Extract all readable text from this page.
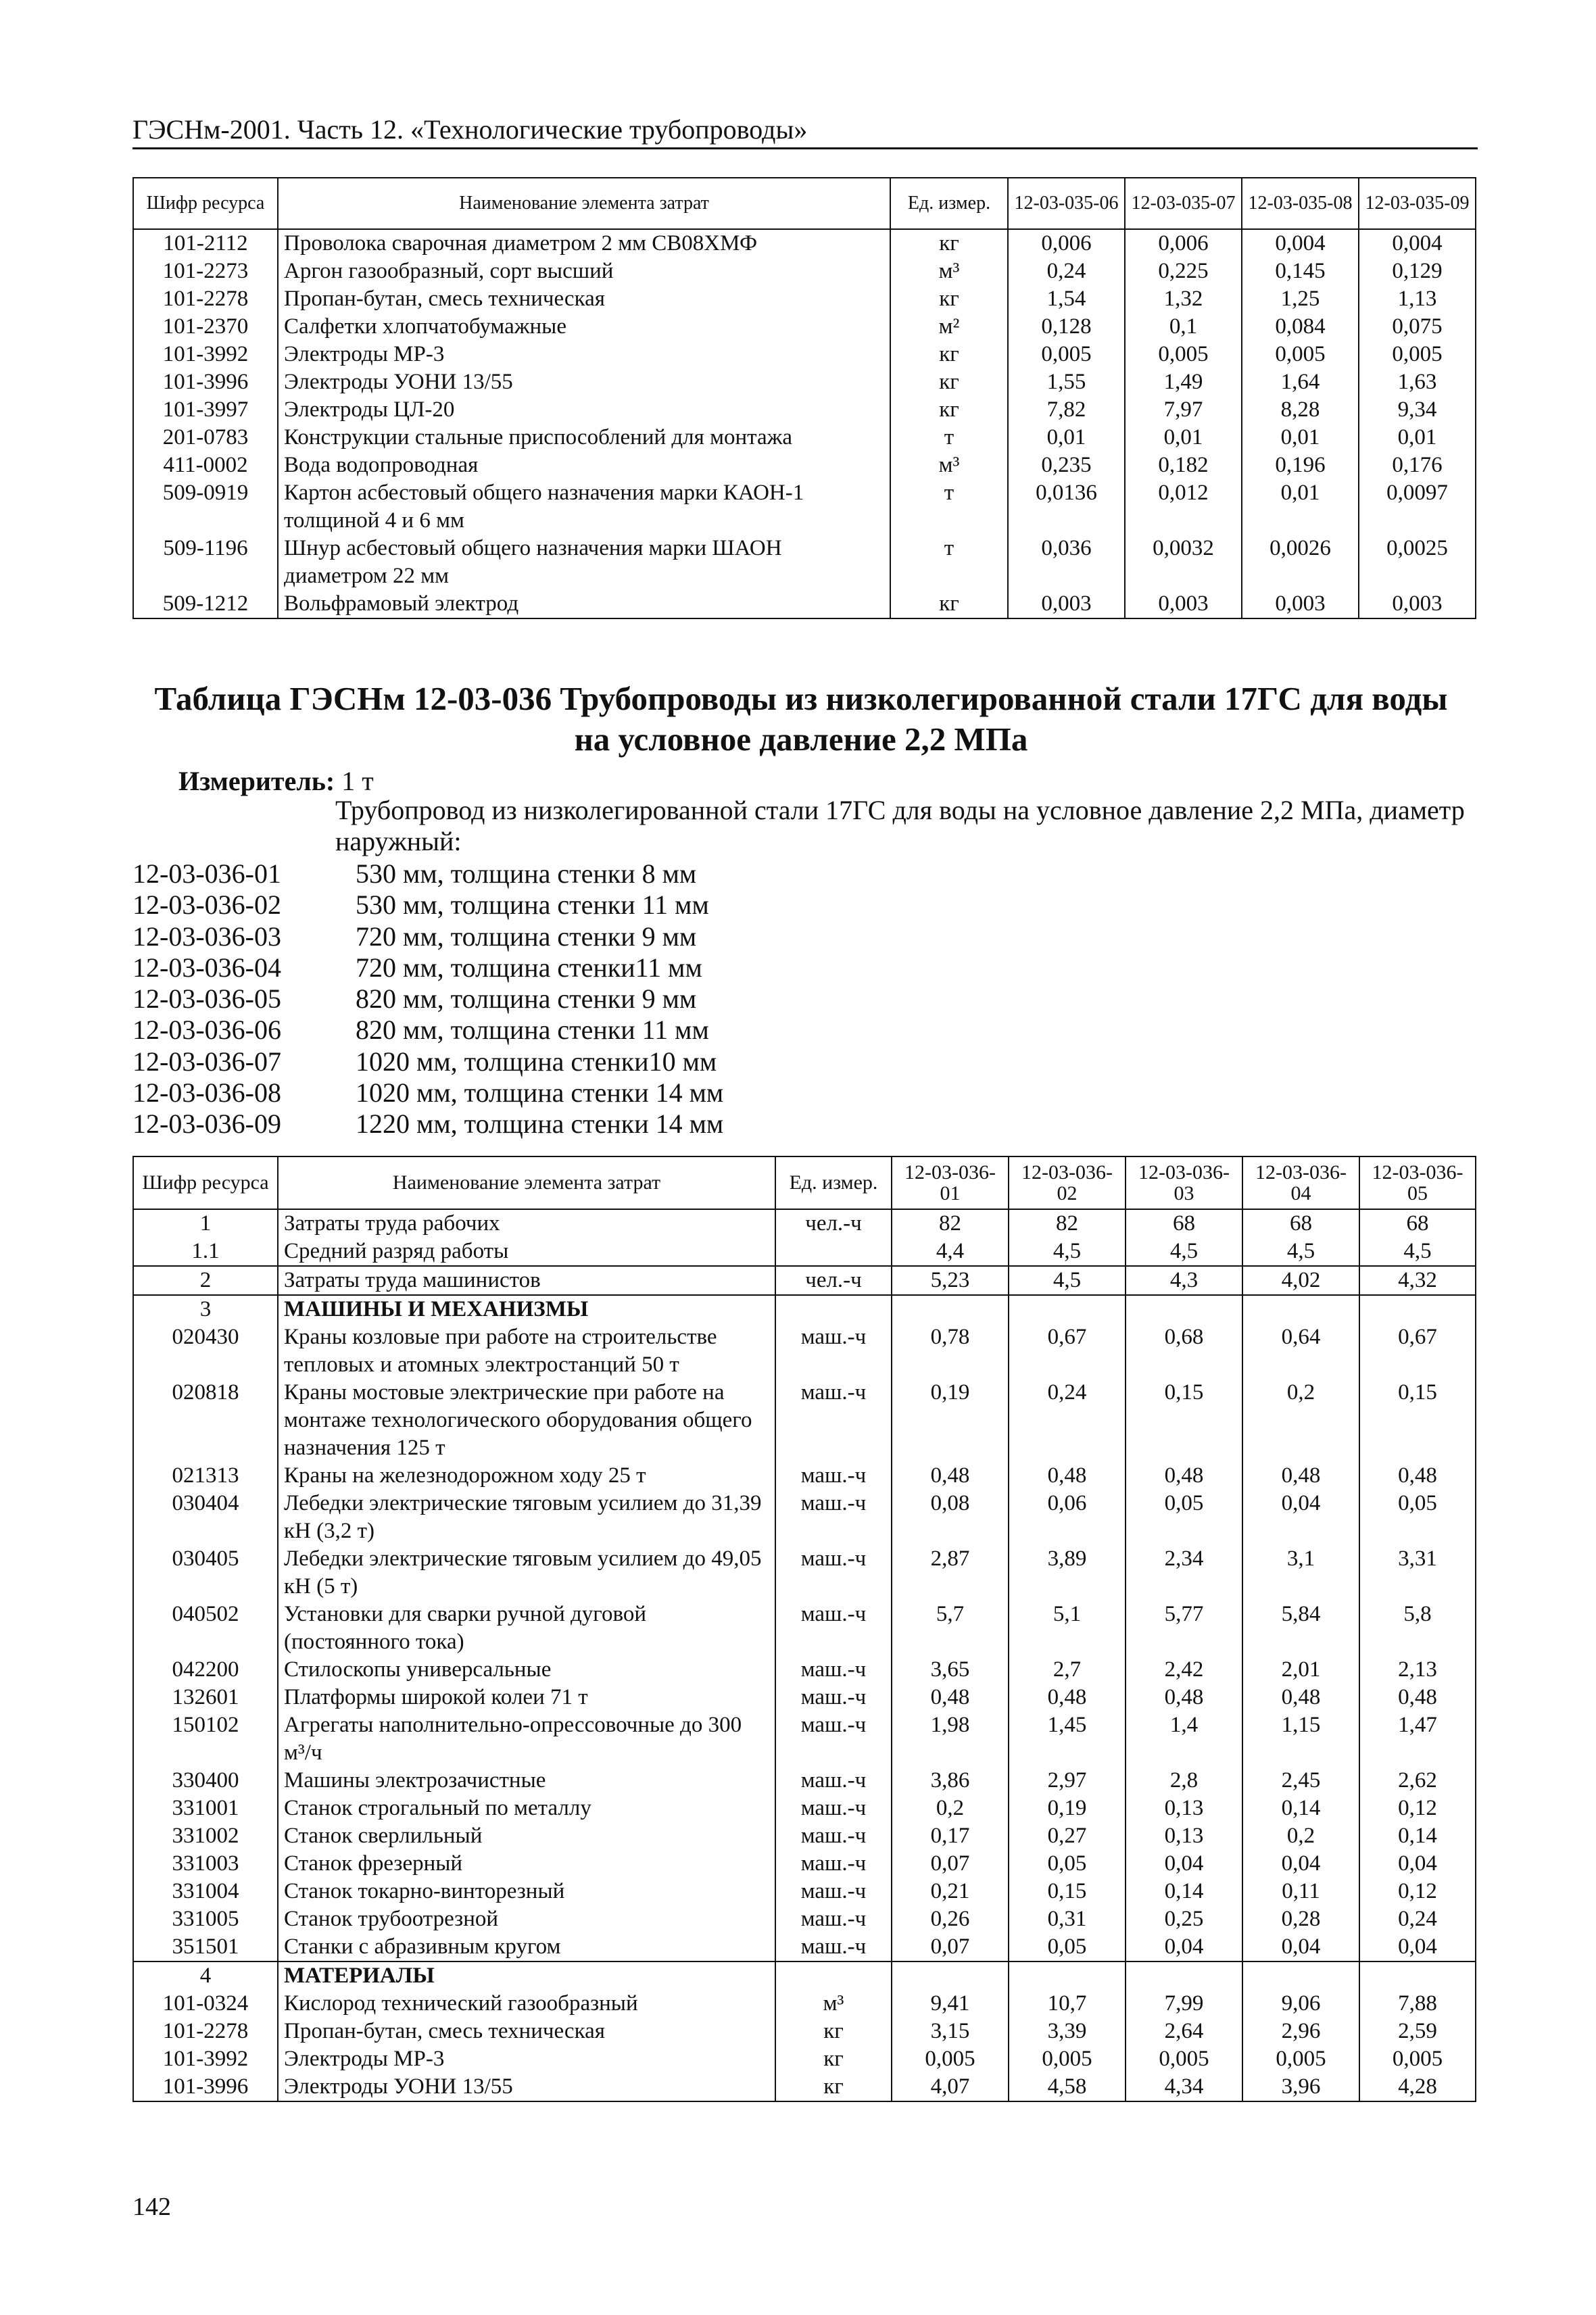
ГЭСНм-2001. Часть 12. «Технологические трубопроводы»
Шифр ресурса	Наименование элемента затрат	Ед. измер.	12-03-035-06	12-03-035-07	12-03-035-08	12-03-035-09
101-2112	Проволока сварочная диаметром 2 мм СВ08ХМФ	кг	0,006	0,006	0,004	0,004
101-2273	Аргон газообразный, сорт высший	м³	0,24	0,225	0,145	0,129
101-2278	Пропан-бутан, смесь техническая	кг	1,54	1,32	1,25	1,13
101-2370	Салфетки хлопчатобумажные	м²	0,128	0,1	0,084	0,075
101-3992	Электроды МР-3	кг	0,005	0,005	0,005	0,005
101-3996	Электроды УОНИ 13/55	кг	1,55	1,49	1,64	1,63
101-3997	Электроды ЦЛ-20	кг	7,82	7,97	8,28	9,34
201-0783	Конструкции стальные приспособлений для монтажа	т	0,01	0,01	0,01	0,01
411-0002	Вода водопроводная	м³	0,235	0,182	0,196	0,176
509-0919	Картон асбестовый общего назначения марки КАОН-1 толщиной 4 и 6 мм	т	0,0136	0,012	0,01	0,0097
509-1196	Шнур асбестовый общего назначения марки ШАОН диаметром 22 мм	т	0,036	0,0032	0,0026	0,0025
509-1212	Вольфрамовый электрод	кг	0,003	0,003	0,003	0,003
Таблица ГЭСНм 12-03-036 Трубопроводы из низколегированной стали 17ГС для воды
на условное давление 2,2 МПа
Измеритель: 1 т
Трубопровод из низколегированной стали 17ГС для воды на условное давление 2,2 МПа, диаметр наружный:
12-03-036-01	530 мм, толщина стенки 8 мм
12-03-036-02	530 мм, толщина стенки 11 мм
12-03-036-03	720 мм, толщина стенки 9 мм
12-03-036-04	720 мм, толщина стенки11 мм
12-03-036-05	820 мм, толщина стенки 9 мм
12-03-036-06	820 мм, толщина стенки 11 мм
12-03-036-07	1020 мм, толщина стенки10 мм
12-03-036-08	1020 мм, толщина стенки 14 мм
12-03-036-09	1220 мм, толщина стенки 14 мм
Шифр ресурса	Наименование элемента затрат	Ед. измер.	12-03-036-01	12-03-036-02	12-03-036-03	12-03-036-04	12-03-036-05
1	Затраты труда рабочих	чел.-ч	82	82	68	68	68
1.1	Средний разряд работы		4,4	4,5	4,5	4,5	4,5
2	Затраты труда машинистов	чел.-ч	5,23	4,5	4,3	4,02	4,32
3	МАШИНЫ И МЕХАНИЗМЫ						
020430	Краны козловые при работе на строительстве тепловых и атомных электростанций 50 т	маш.-ч	0,78	0,67	0,68	0,64	0,67
020818	Краны мостовые электрические при работе на монтаже технологического оборудования общего назначения 125 т	маш.-ч	0,19	0,24	0,15	0,2	0,15
021313	Краны на железнодорожном ходу 25 т	маш.-ч	0,48	0,48	0,48	0,48	0,48
030404	Лебедки электрические тяговым усилием до 31,39 кН (3,2 т)	маш.-ч	0,08	0,06	0,05	0,04	0,05
030405	Лебедки электрические тяговым усилием до 49,05 кН (5 т)	маш.-ч	2,87	3,89	2,34	3,1	3,31
040502	Установки для сварки ручной дуговой (постоянного тока)	маш.-ч	5,7	5,1	5,77	5,84	5,8
042200	Стилоскопы универсальные	маш.-ч	3,65	2,7	2,42	2,01	2,13
132601	Платформы широкой колеи 71 т	маш.-ч	0,48	0,48	0,48	0,48	0,48
150102	Агрегаты наполнительно-опрессовочные до 300 м³/ч	маш.-ч	1,98	1,45	1,4	1,15	1,47
330400	Машины электрозачистные	маш.-ч	3,86	2,97	2,8	2,45	2,62
331001	Станок строгальный по металлу	маш.-ч	0,2	0,19	0,13	0,14	0,12
331002	Станок сверлильный	маш.-ч	0,17	0,27	0,13	0,2	0,14
331003	Станок фрезерный	маш.-ч	0,07	0,05	0,04	0,04	0,04
331004	Станок токарно-винторезный	маш.-ч	0,21	0,15	0,14	0,11	0,12
331005	Станок трубоотрезной	маш.-ч	0,26	0,31	0,25	0,28	0,24
351501	Станки с абразивным кругом	маш.-ч	0,07	0,05	0,04	0,04	0,04
4	МАТЕРИАЛЫ						
101-0324	Кислород технический газообразный	м³	9,41	10,7	7,99	9,06	7,88
101-2278	Пропан-бутан, смесь техническая	кг	3,15	3,39	2,64	2,96	2,59
101-3992	Электроды МР-3	кг	0,005	0,005	0,005	0,005	0,005
101-3996	Электроды УОНИ 13/55	кг	4,07	4,58	4,34	3,96	4,28
142
